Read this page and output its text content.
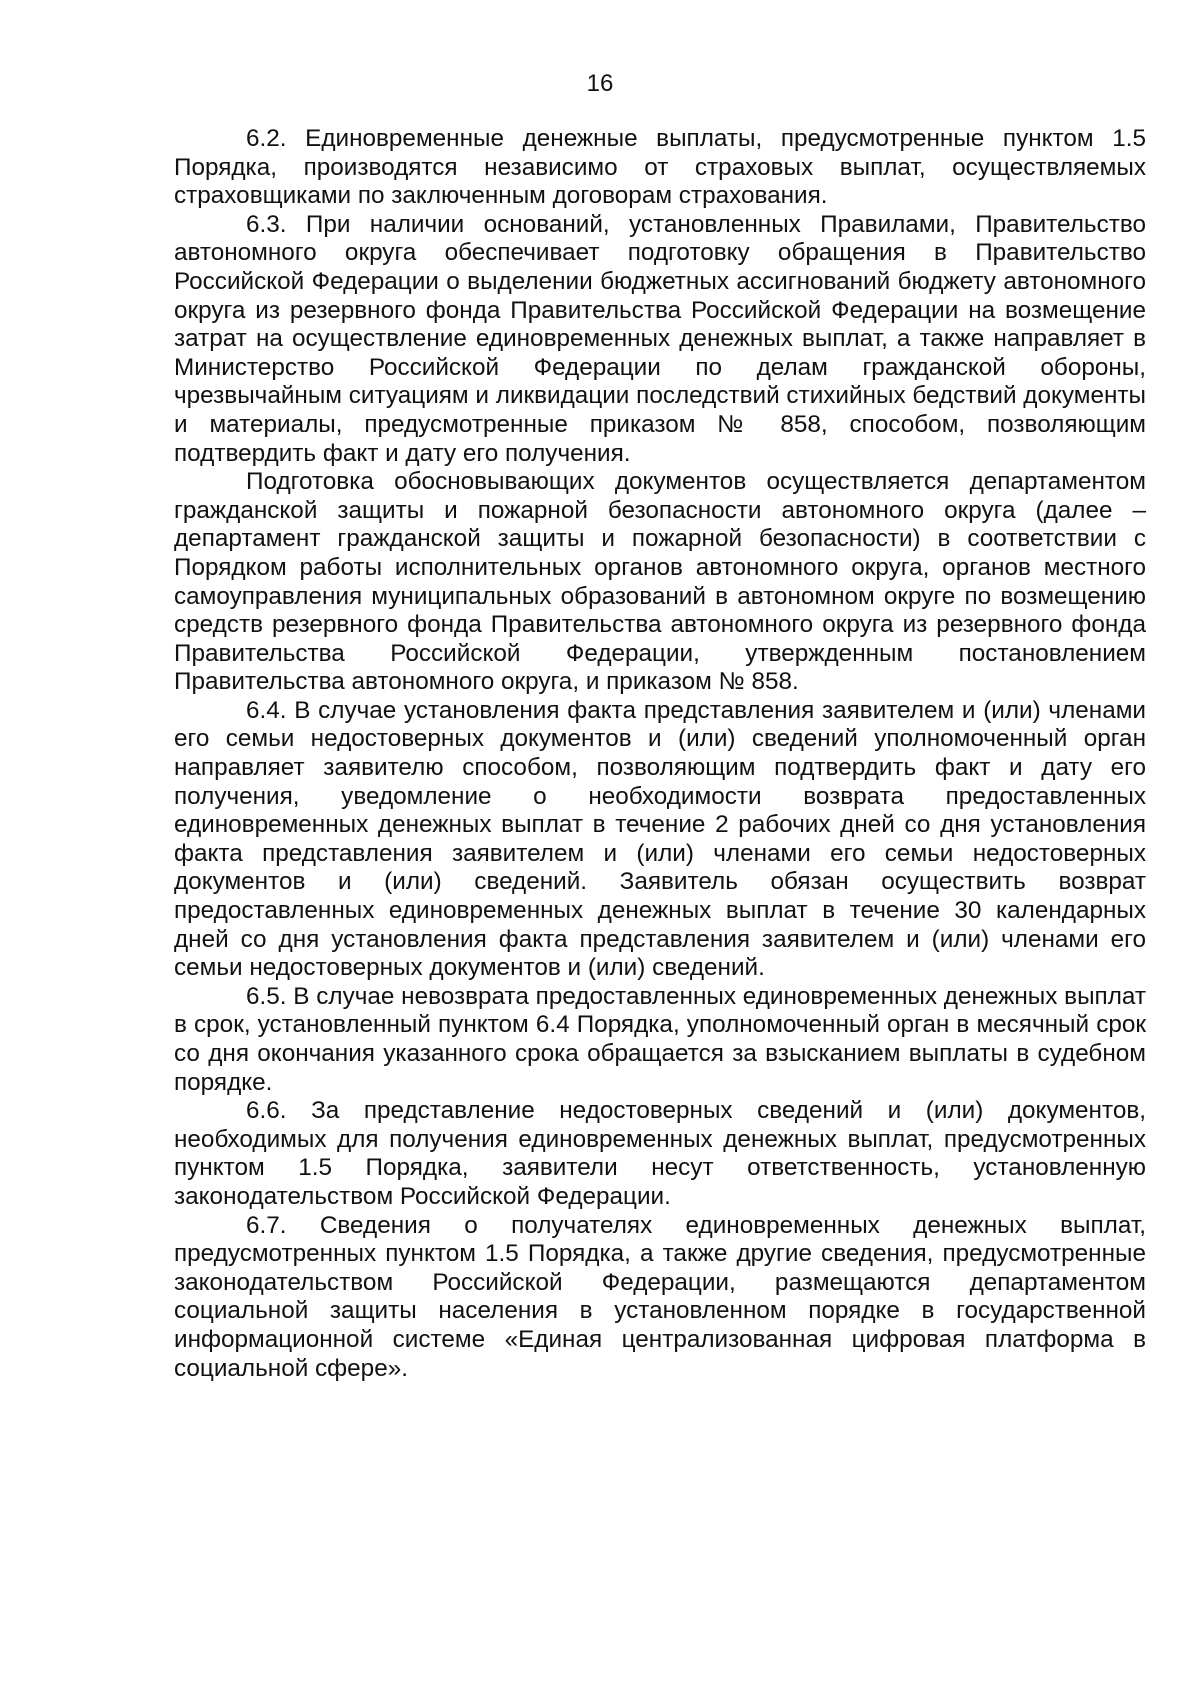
16

6.2. Единовременные денежные выплаты, предусмотренные пунктом 1.5 Порядка, производятся независимо от страховых выплат, осуществляемых страховщиками по заключенным договорам страхования.

6.3. При наличии оснований, установленных Правилами, Правительство автономного округа обеспечивает подготовку обращения в Правительство Российской Федерации о выделении бюджетных ассигнований бюджету автономного округа из резервного фонда Правительства Российской Федерации на возмещение затрат на осуществление единовременных денежных выплат, а также направляет в Министерство Российской Федерации по делам гражданской обороны, чрезвычайным ситуациям и ликвидации последствий стихийных бедствий документы и материалы, предусмотренные приказом № 858, способом, позволяющим подтвердить факт и дату его получения.

Подготовка обосновывающих документов осуществляется департаментом гражданской защиты и пожарной безопасности автономного округа (далее – департамент гражданской защиты и пожарной безопасности) в соответствии с Порядком работы исполнительных органов автономного округа, органов местного самоуправления муниципальных образований в автономном округе по возмещению средств резервного фонда Правительства автономного округа из резервного фонда Правительства Российской Федерации, утвержденным постановлением Правительства автономного округа, и приказом № 858.

6.4. В случае установления факта представления заявителем и (или) членами его семьи недостоверных документов и (или) сведений уполномоченный орган направляет заявителю способом, позволяющим подтвердить факт и дату его получения, уведомление о необходимости возврата предоставленных единовременных денежных выплат в течение 2 рабочих дней со дня установления факта представления заявителем и (или) членами его семьи недостоверных документов и (или) сведений. Заявитель обязан осуществить возврат предоставленных единовременных денежных выплат в течение 30 календарных дней со дня установления факта представления заявителем и (или) членами его семьи недостоверных документов и (или) сведений.

6.5. В случае невозврата предоставленных единовременных денежных выплат в срок, установленный пунктом 6.4 Порядка, уполномоченный орган в месячный срок со дня окончания указанного срока обращается за взысканием выплаты в судебном порядке.

6.6. За представление недостоверных сведений и (или) документов, необходимых для получения единовременных денежных выплат, предусмотренных пунктом 1.5 Порядка, заявители несут ответственность, установленную законодательством Российской Федерации.

6.7. Сведения о получателях единовременных денежных выплат, предусмотренных пунктом 1.5 Порядка, а также другие сведения, предусмотренные законодательством Российской Федерации, размещаются департаментом социальной защиты населения в установленном порядке в государственной информационной системе «Единая централизованная цифровая платформа в социальной сфере».
